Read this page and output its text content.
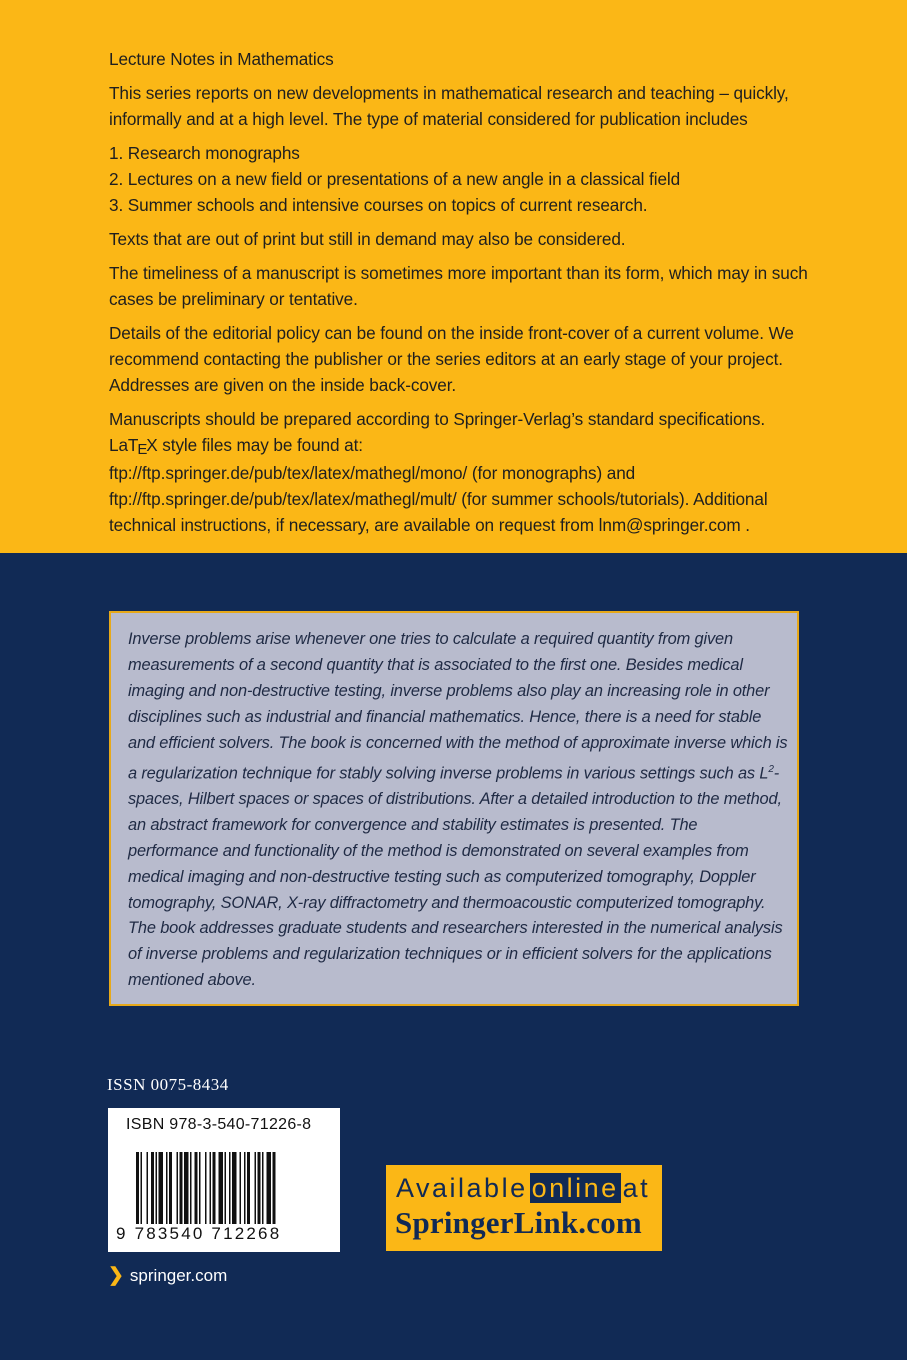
Lecture Notes in Mathematics

This series reports on new developments in mathematical research and teaching – quickly, informally and at a high level. The type of material considered for publication includes

1. Research monographs
2. Lectures on a new field or presentations of a new angle in a classical field
3. Summer schools and intensive courses on topics of current research.

Texts that are out of print but still in demand may also be considered.

The timeliness of a manuscript is sometimes more important than its form, which may in such cases be preliminary or tentative.

Details of the editorial policy can be found on the inside front-cover of a current volume. We recommend contacting the publisher or the series editors at an early stage of your project. Addresses are given on the inside back-cover.

Manuscripts should be prepared according to Springer-Verlag’s standard specifications.
LaTEX style files may be found at:
ftp://ftp.springer.de/pub/tex/latex/mathegl/mono/ (for monographs) and
ftp://ftp.springer.de/pub/tex/latex/mathegl/mult/ (for summer schools/tutorials). Additional technical instructions, if necessary, are available on request from lnm@springer.com .

Inverse problems arise whenever one tries to calculate a required quantity from given measurements of a second quantity that is associated to the first one. Besides medical imaging and non-destructive testing, inverse problems also play an increasing role in other disciplines such as industrial and financial mathematics. Hence, there is a need for stable and efficient solvers. The book is concerned with the method of approximate inverse which is a regularization technique for stably solving inverse problems in various settings such as $L^2$-spaces, Hilbert spaces or spaces of distributions. After a detailed introduction to the method, an abstract framework for convergence and stability estimates is presented. The performance and functionality of the method is demonstrated on several examples from medical imaging and non-destructive testing such as computerized tomography, Doppler tomography, SONAR, X-ray diffractometry and thermoacoustic computerized tomography. The book addresses graduate students and researchers interested in the numerical analysis of inverse problems and regularization techniques or in efficient solvers for the applications mentioned above.
ISSN 0075-8434
ISBN 978-3-540-71226-8
9 783540 712268
❯ springer.com
Available online at
SpringerLink.com
